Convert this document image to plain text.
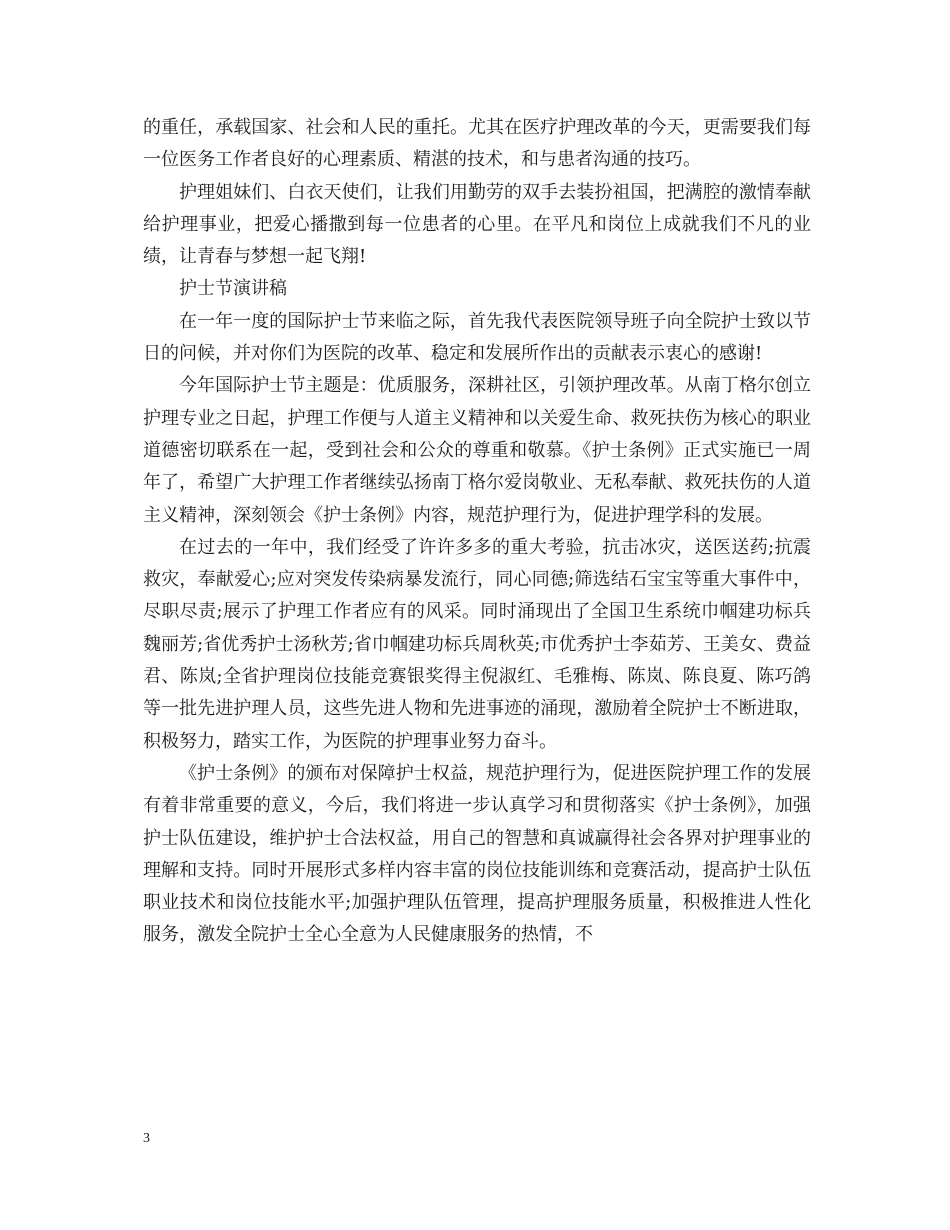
的重任，承载国家、社会和人民的重托。尤其在医疗护理改革的今天，更需要我们每一位医务工作者良好的心理素质、精湛的技术，和与患者沟通的技巧。

护理姐妹们、白衣天使们，让我们用勤劳的双手去装扮祖国，把满腔的激情奉献给护理事业，把爱心播撒到每一位患者的心里。在平凡和岗位上成就我们不凡的业绩，让青春与梦想一起飞翔!

护士节演讲稿

在一年一度的国际护士节来临之际，首先我代表医院领导班子向全院护士致以节日的问候，并对你们为医院的改革、稳定和发展所作出的贡献表示衷心的感谢!

今年国际护士节主题是：优质服务，深耕社区，引领护理改革。从南丁格尔创立护理专业之日起，护理工作便与人道主义精神和以关爱生命、救死扶伤为核心的职业道德密切联系在一起，受到社会和公众的尊重和敬慕。《护士条例》正式实施已一周年了，希望广大护理工作者继续弘扬南丁格尔爱岗敬业、无私奉献、救死扶伤的人道主义精神，深刻领会《护士条例》内容，规范护理行为，促进护理学科的发展。

在过去的一年中，我们经受了许许多多的重大考验，抗击冰灾，送医送药;抗震救灾，奉献爱心;应对突发传染病暴发流行，同心同德;筛选结石宝宝等重大事件中，尽职尽责;展示了护理工作者应有的风采。同时涌现出了全国卫生系统巾帼建功标兵魏丽芳;省优秀护士汤秋芳;省巾帼建功标兵周秋英;市优秀护士李茹芳、王美女、费益君、陈岚;全省护理岗位技能竞赛银奖得主倪淑红、毛雅梅、陈岚、陈良夏、陈巧鸽等一批先进护理人员，这些先进人物和先进事迹的涌现，激励着全院护士不断进取，积极努力，踏实工作，为医院的护理事业努力奋斗。

《护士条例》的颁布对保障护士权益，规范护理行为，促进医院护理工作的发展有着非常重要的意义，今后，我们将进一步认真学习和贯彻落实《护士条例》，加强护士队伍建设，维护护士合法权益，用自己的智慧和真诚赢得社会各界对护理事业的理解和支持。同时开展形式多样内容丰富的岗位技能训练和竞赛活动，提高护士队伍职业技术和岗位技能水平;加强护理队伍管理，提高护理服务质量，积极推进人性化服务，激发全院护士全心全意为人民健康服务的热情，不

3
